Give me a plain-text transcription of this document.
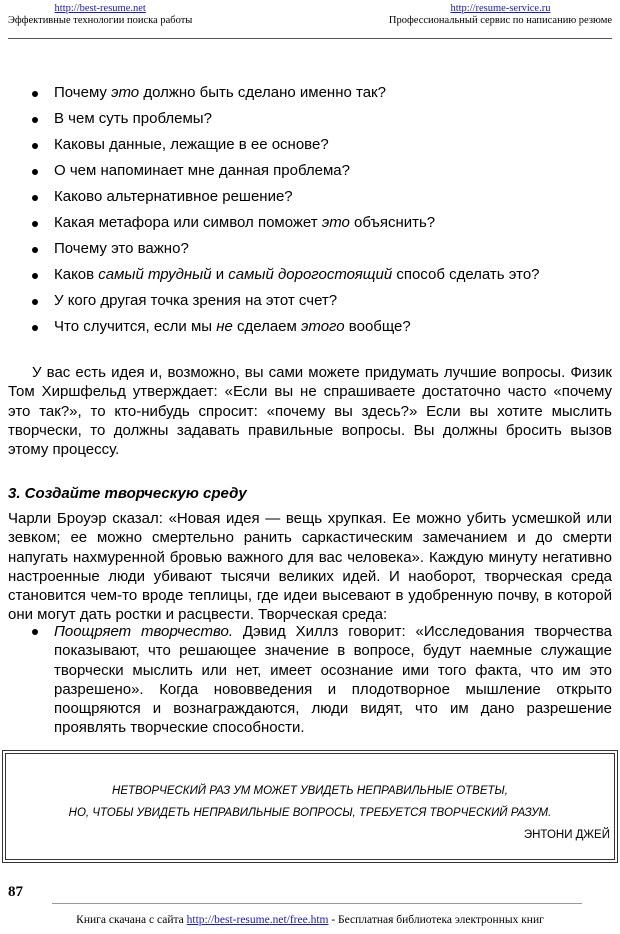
http://best-resume.net
Эффективные технологии поиска работы
http://resume-service.ru
Профессиональный сервис по написанию резюме
Почему это должно быть сделано именно так?
В чем суть проблемы?
Каковы данные, лежащие в ее основе?
О чем напоминает мне данная проблема?
Каково альтернативное решение?
Какая метафора или символ поможет это объяснить?
Почему это важно?
Каков самый трудный и самый дорогостоящий способ сделать это?
У кого другая точка зрения на этот счет?
Что случится, если мы не сделаем этого вообще?

У вас есть идея и, возможно, вы сами можете придумать лучшие вопросы. Физик Том Хиршфельд утверждает: «Если вы не спрашиваете достаточно часто «почему это так?», то кто-нибудь спросит: «почему вы здесь?» Если вы хотите мыслить творчески, то должны задавать правильные вопросы. Вы должны бросить вызов этому процессу.

3. Создайте творческую среду

Чарли Броуэр сказал: «Новая идея — вещь хрупкая. Ее можно убить усмешкой или зевком; ее можно смертельно ранить саркастическим замечанием и до смерти напугать нахмуренной бровью важного для вас человека». Каждую минуту негативно настроенные люди убивают тысячи великих идей. И наоборот, творческая среда становится чем-то вроде теплицы, где идеи высевают в удобренную почву, в которой они могут дать ростки и расцвести. Творческая среда:

Поощряет творчество. Дэвид Хиллз говорит: «Исследования творчества показывают, что решающее значение в вопросе, будут наемные служащие творчески мыслить или нет, имеет осознание ими того факта, что им это разрешено». Когда нововведения и плодотворное мышление открыто поощряются и вознаграждаются, люди видят, что им дано разрешение проявлять творческие способности.
НЕТВОРЧЕСКИЙ РАЗ УМ МОЖЕТ УВИДЕТЬ НЕПРАВИЛЬНЫЕ ОТВЕТЫ,
НО, ЧТОБЫ УВИДЕТЬ НЕПРАВИЛЬНЫЕ ВОПРОСЫ, ТРЕБУЕТСЯ ТВОРЧЕСКИЙ РАЗУМ.
ЭНТОНИ ДЖЕЙ
87
Книга скачана с сайта http://best-resume.net/free.htm - Бесплатная библиотека электронных книг
